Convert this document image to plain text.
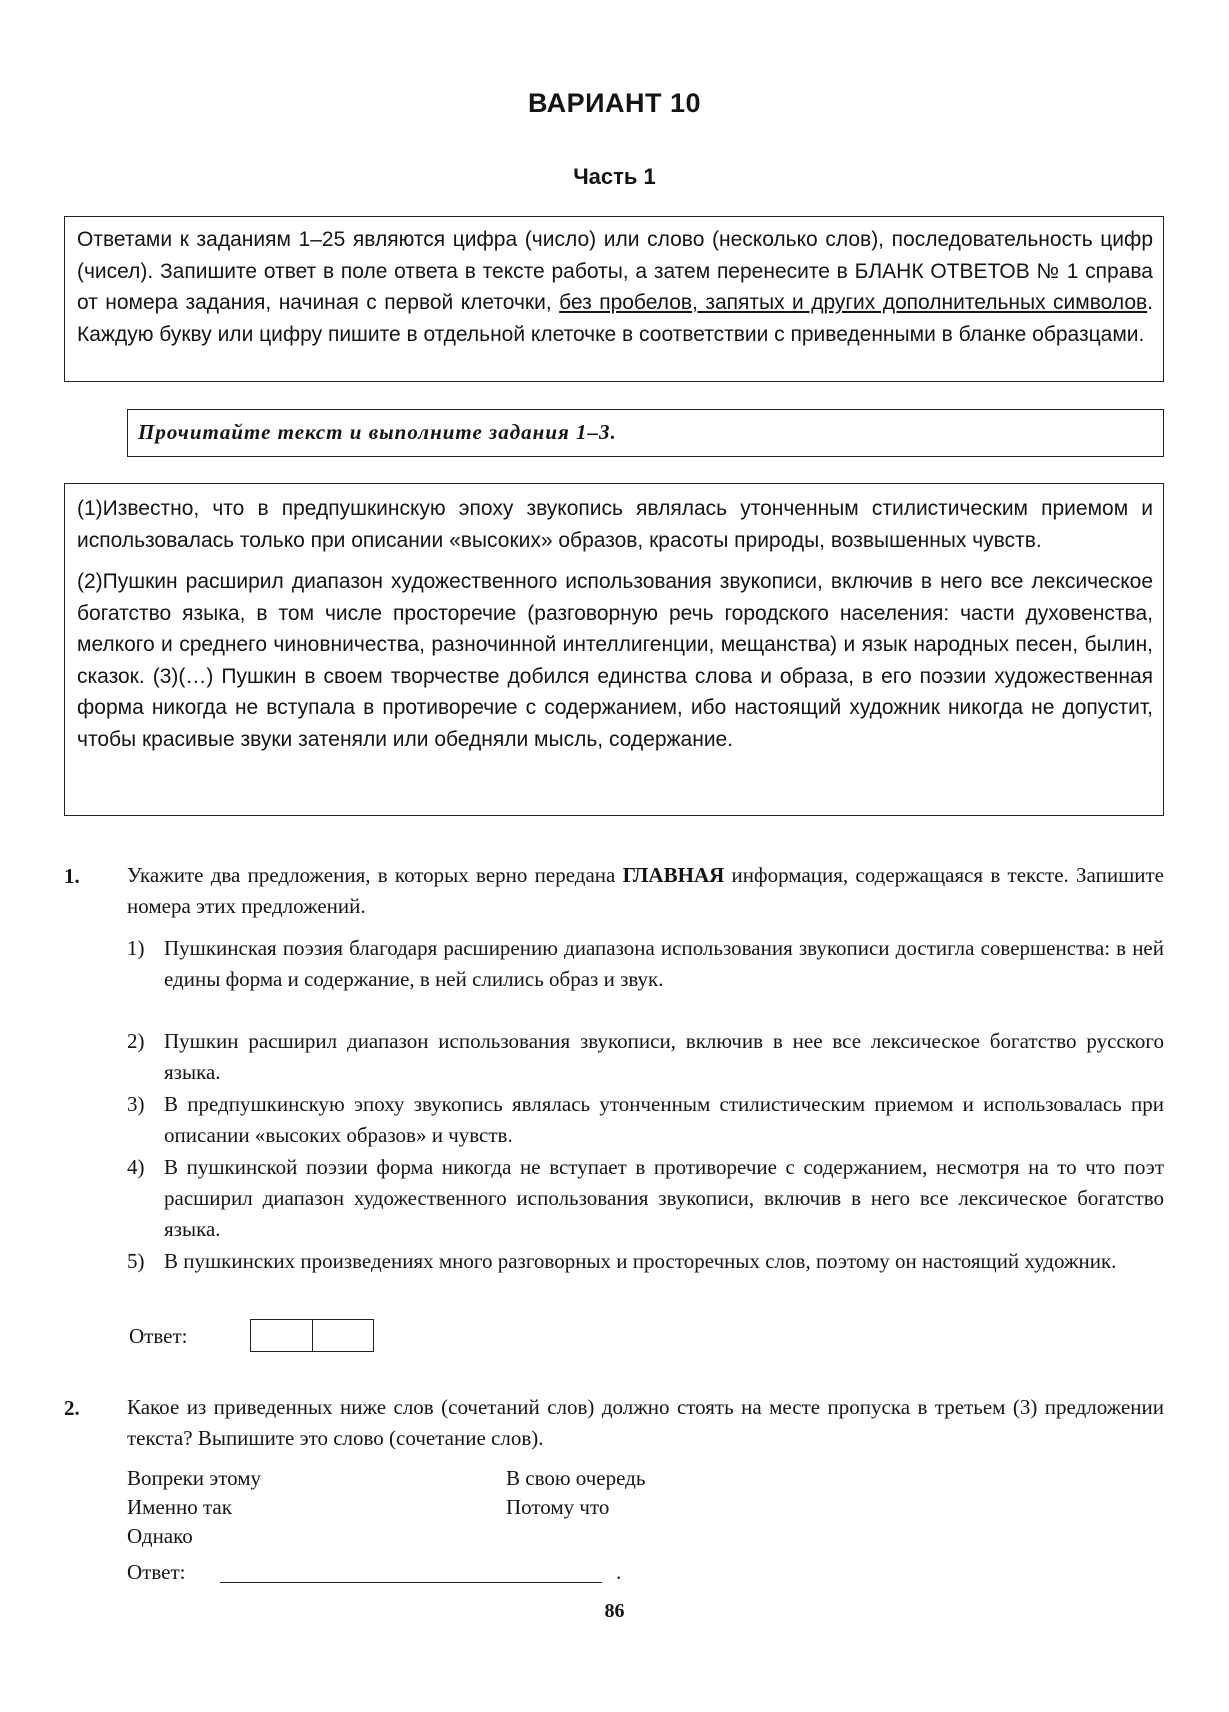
ВАРИАНТ 10
Часть 1
Ответами к заданиям 1–25 являются цифра (число) или слово (несколько слов), последовательность цифр (чисел). Запишите ответ в поле ответа в тексте работы, а затем перенесите в БЛАНК ОТВЕТОВ № 1 справа от номера задания, начиная с первой клеточки, без пробелов, запятых и других дополнительных символов. Каждую букву или цифру пишите в отдельной клеточке в соответствии с приведенными в бланке образцами.
Прочитайте текст и выполните задания 1–3.

(1)Известно, что в предпушкинскую эпоху звукопись являлась утонченным стилистическим приемом и использовалась только при описании «высоких» образов, красоты природы, возвышенных чувств.

(2)Пушкин расширил диапазон художественного использования звукописи, включив в него все лексическое богатство языка, в том числе просторечие (разговорную речь городского населения: части духовенства, мелкого и среднего чиновничества, разночинной интеллигенции, мещанства) и язык народных песен, былин, сказок. (3)(…) Пушкин в своем творчестве добился единства слова и образа, в его поэзии художественная форма никогда не вступала в противоречие с содержанием, ибо настоящий художник никогда не допустит, чтобы красивые звуки затеняли или обедняли мысль, содержание.

1. Укажите два предложения, в которых верно передана ГЛАВНАЯ информация, содержащаяся в тексте. Запишите номера этих предложений.
1) Пушкинская поэзия благодаря расширению диапазона использования звукописи достигла совершенства: в ней едины форма и содержание, в ней слились образ и звук.
2) Пушкин расширил диапазон использования звукописи, включив в нее все лексическое богатство русского языка.
3) В предпушкинскую эпоху звукопись являлась утонченным стилистическим приемом и использовалась при описании «высоких образов» и чувств.
4) В пушкинской поэзии форма никогда не вступает в противоречие с содержанием, несмотря на то что поэт расширил диапазон художественного использования звукописи, включив в него все лексическое богатство языка.
5) В пушкинских произведениях много разговорных и просторечных слов, поэтому он настоящий художник.
Ответ:
2. Какое из приведенных ниже слов (сочетаний слов) должно стоять на месте пропуска в третьем (3) предложении текста? Выпишите это слово (сочетание слов).
Вопреки этому
Именно так
Однако
В свою очередь
Потому что
Ответ:	.
86
